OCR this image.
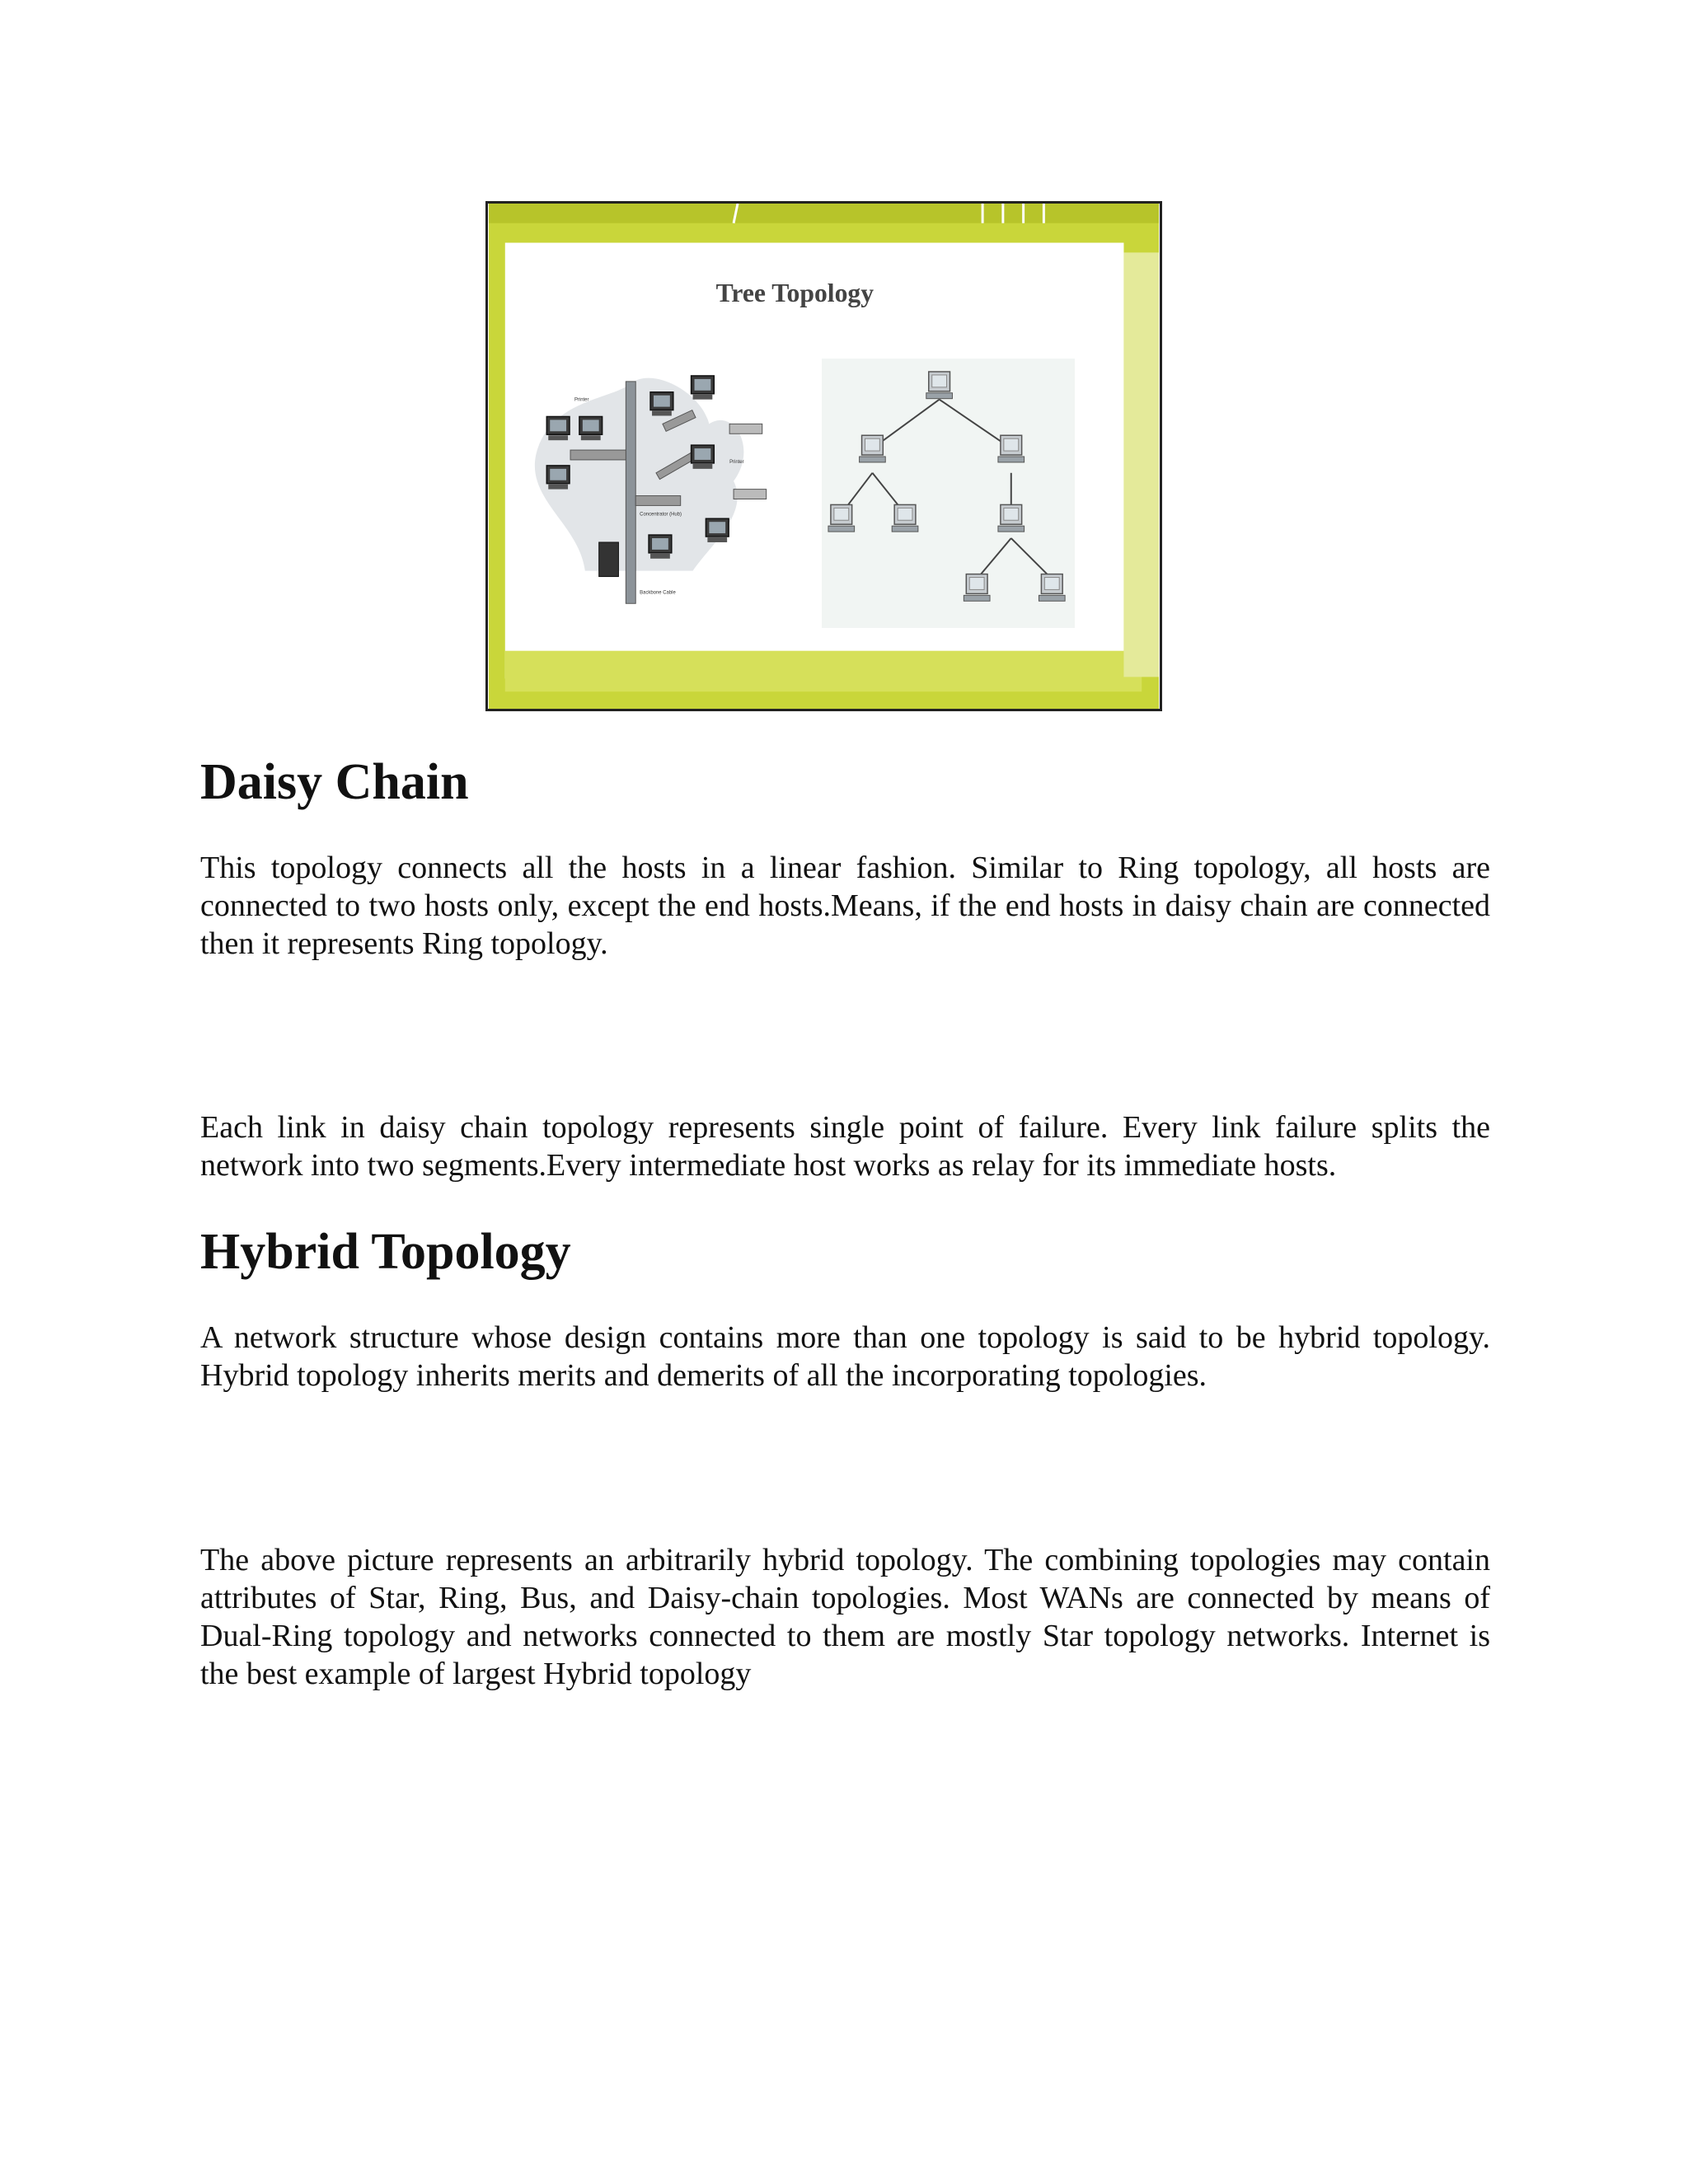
Tree Topology
Printer
Printer
Concentrator (Hub)
Backbone Cable
Daisy Chain

This topology connects all the hosts in a linear fashion. Similar to Ring topology, all hosts are connected to two hosts only, except the end hosts.Means, if the end hosts in daisy chain are connected then it represents Ring topology.

Each link in daisy chain topology represents single point of failure. Every link failure splits the network into two segments.Every intermediate host works as relay for its immediate hosts.

Hybrid Topology

A network structure whose design contains more than one topology is said to be hybrid topology. Hybrid topology inherits merits and demerits of all the incorporating topologies.

The above picture represents an arbitrarily hybrid topology. The combining topologies may contain attributes of Star, Ring, Bus, and Daisy-chain topologies. Most WANs are connected by means of Dual-Ring topology and networks connected to them are mostly Star topology networks. Internet is the best example of largest Hybrid topology
